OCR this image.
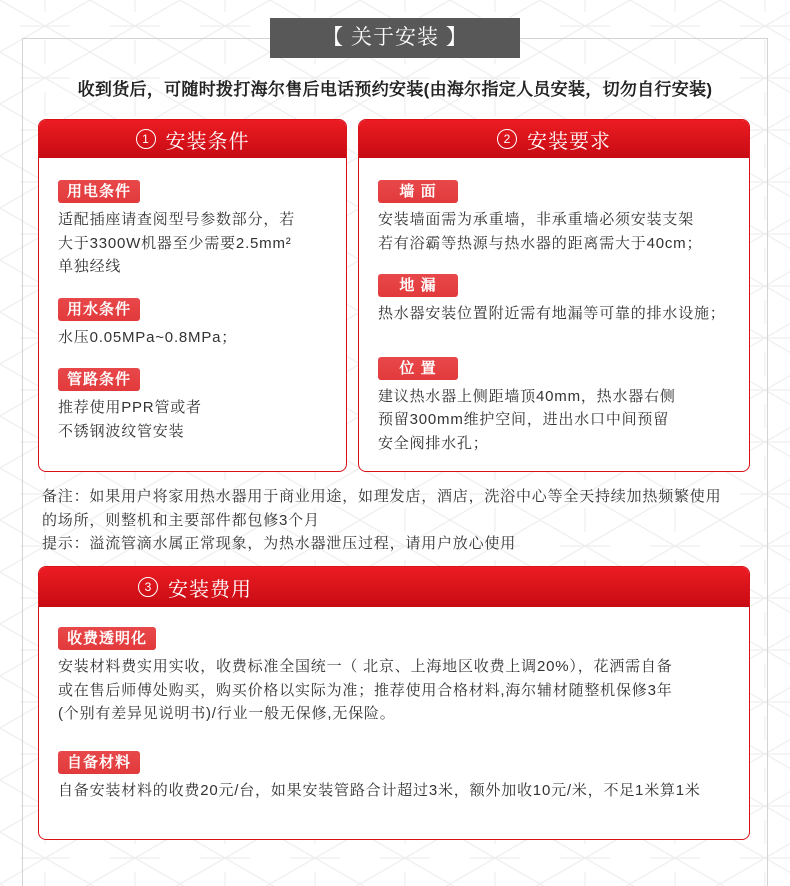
【 关于安装 】
收到货后，可随时拨打海尔售后电话预约安装(由海尔指定人员安装，切勿自行安装)
1 安装条件
用电条件
适配插座请查阅型号参数部分，若
大于3300W机器至少需要2.5mm²
单独经线
用水条件
水压0.05MPa~0.8MPa；
管路条件
推荐使用PPR管或者
不锈钢波纹管安装
2 安装要求
墙 面
安装墙面需为承重墙，非承重墙必须安装支架
若有浴霸等热源与热水器的距离需大于40cm；
地 漏
热水器安装位置附近需有地漏等可靠的排水设施；
位 置
建议热水器上侧距墙顶40mm，热水器右侧
预留300mm维护空间，进出水口中间预留
安全阀排水孔；
备注：如果用户将家用热水器用于商业用途，如理发店，酒店，洗浴中心等全天持续加热频繁使用
的场所，则整机和主要部件都包修3个月
提示：溢流管滴水属正常现象，为热水器泄压过程，请用户放心使用
3 安装费用
收费透明化
安装材料费实用实收，收费标准全国统一（ 北京、上海地区收费上调20%），花洒需自备
或在售后师傅处购买，购买价格以实际为准；推荐使用合格材料,海尔辅材随整机保修3年
(个别有差异见说明书)/行业一般无保修,无保险。
自备材料
自备安装材料的收费20元/台，如果安装管路合计超过3米，额外加收10元/米，不足1米算1米
